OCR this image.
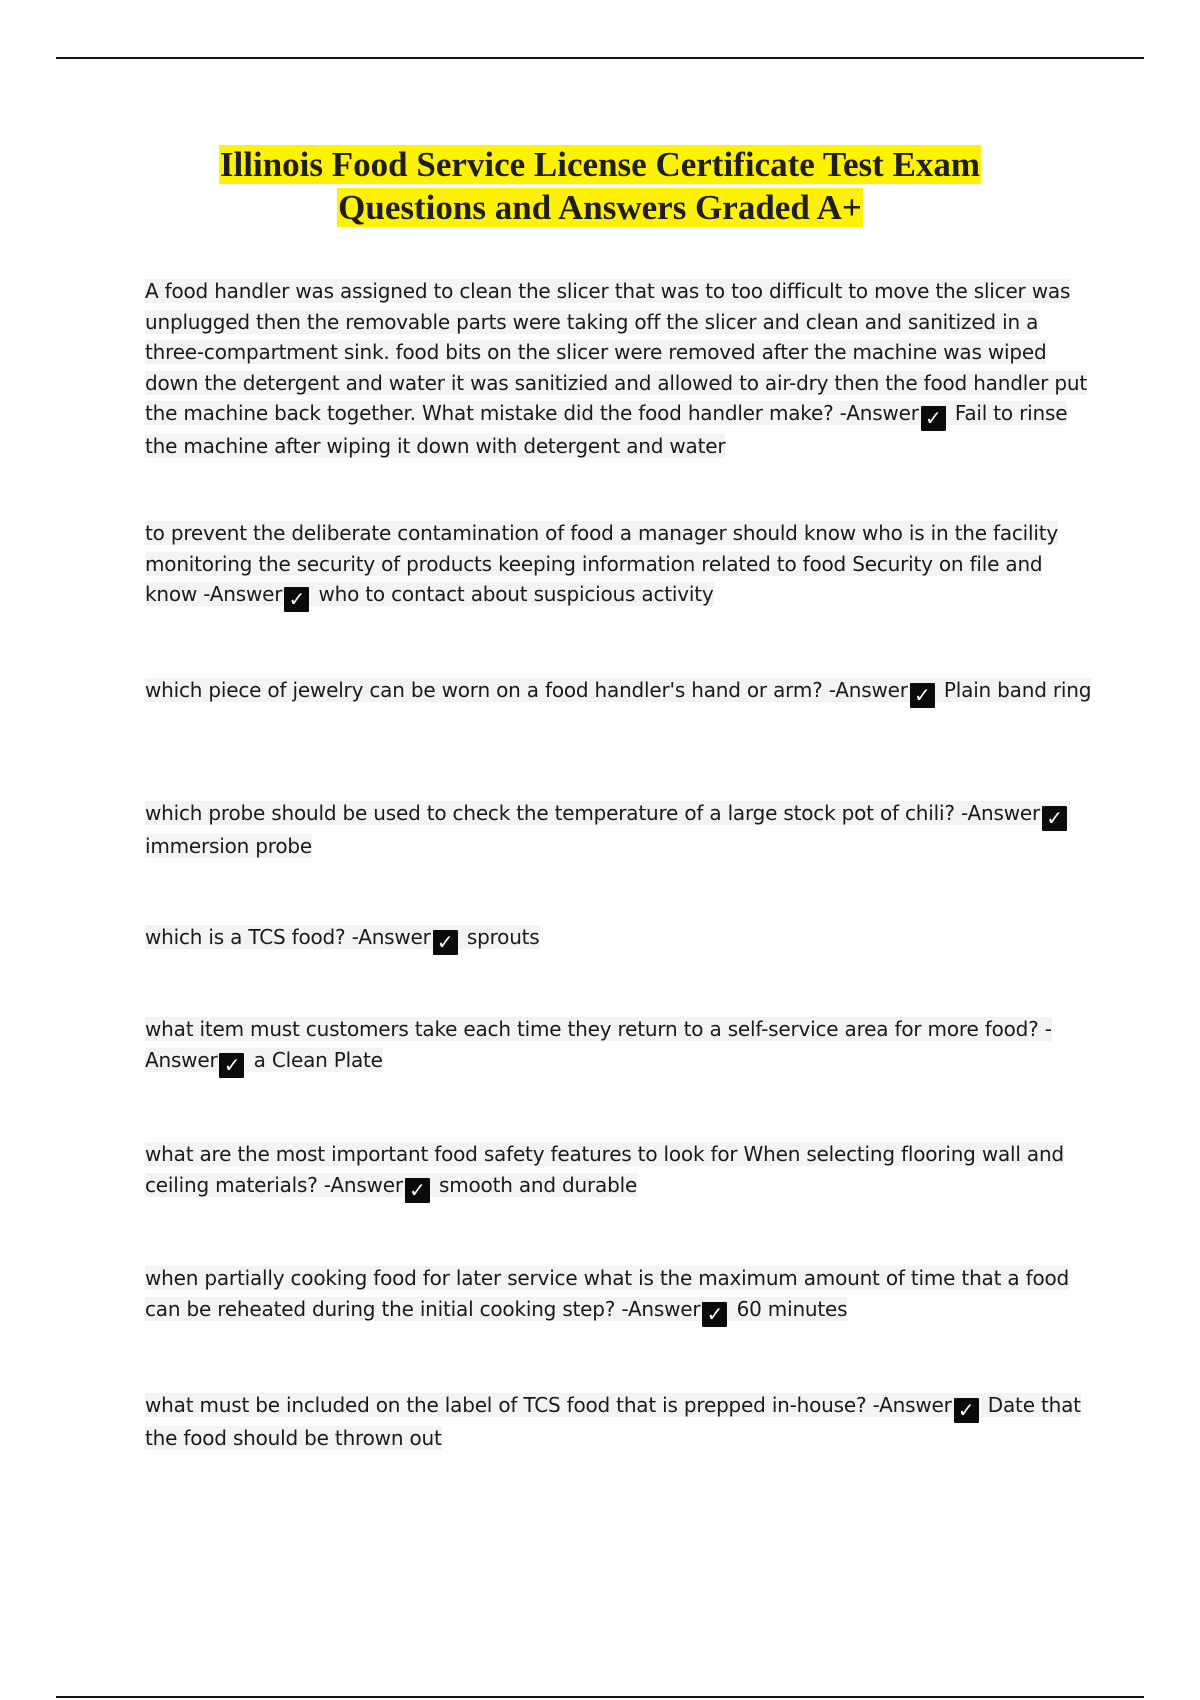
Illinois Food Service License Certificate Test Exam
Questions and Answers Graded A+

A food handler was assigned to clean the slicer that was to too difficult to move the slicer was unplugged then the removable parts were taking off the slicer and clean and sanitized in a three-compartment sink. food bits on the slicer were removed after the machine was wiped down the detergent and water it was sanitizied and allowed to air-dry then the food handler put the machine back together. What mistake did the food handler make? -Answer ✓ Fail to rinse the machine after wiping it down with detergent and water

to prevent the deliberate contamination of food a manager should know who is in the facility monitoring the security of products keeping information related to food Security on file and know -Answer ✓ who to contact about suspicious activity

which piece of jewelry can be worn on a food handler's hand or arm? -Answer ✓ Plain band ring

which probe should be used to check the temperature of a large stock pot of chili? -Answer ✓ immersion probe

which is a TCS food? -Answer ✓ sprouts

what item must customers take each time they return to a self-service area for more food? -Answer ✓ a Clean Plate

what are the most important food safety features to look for When selecting flooring wall and ceiling materials? -Answer ✓ smooth and durable

when partially cooking food for later service what is the maximum amount of time that a food can be reheated during the initial cooking step? -Answer ✓ 60 minutes

what must be included on the label of TCS food that is prepped in-house? -Answer ✓ Date that the food should be thrown out
